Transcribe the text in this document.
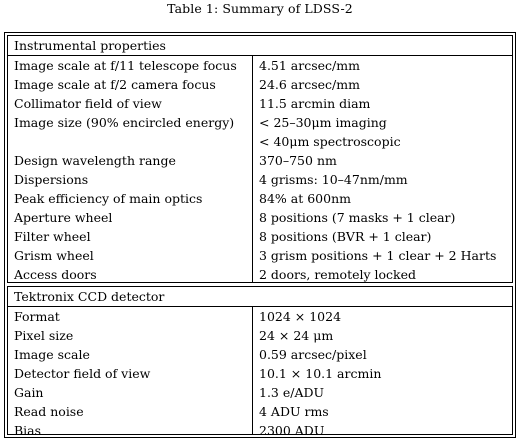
Table 1: Summary of LDSS-2
Instrumental properties
Image scale at f/11 telescope focus	4.51 arcsec/mm
Image scale at f/2 camera focus	24.6 arcsec/mm
Collimator field of view	11.5 arcmin diam
Image size (90% encircled energy)	< 25–30μm imaging
< 40μm spectroscopic
Design wavelength range	370–750 nm
Dispersions	4 grisms: 10–47nm/mm
Peak efficiency of main optics	84% at 600nm
Aperture wheel	8 positions (7 masks + 1 clear)
Filter wheel	8 positions (BVR + 1 clear)
Grism wheel	3 grism positions + 1 clear + 2 Harts
Access doors	2 doors, remotely locked
Tektronix CCD detector
Format	1024 × 1024
Pixel size	24 × 24 μm
Image scale	0.59 arcsec/pixel
Detector field of view	10.1 × 10.1 arcmin
Gain	1.3 e/ADU
Read noise	4 ADU rms
Bias	2300 ADU
